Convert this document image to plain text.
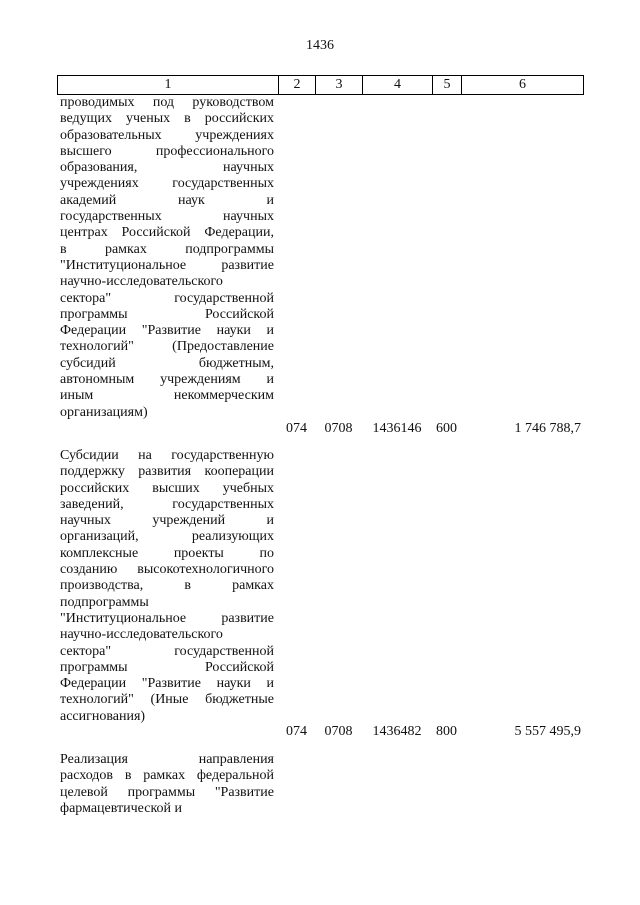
1436
1	2	3	4	5	6
проводимых под руководством
ведущих ученых в российских
образовательных учреждениях
высшего профессионального
образования, научных
учреждениях государственных
академий наук и
государственных научных
центрах Российской Федерации,
в рамках подпрограммы
"Институциональное развитие
научно-исследовательского
сектора" государственной
программы Российской
Федерации "Развитие науки и
технологий" (Предоставление
субсидий бюджетным,
автономным учреждениям и
иным некоммерческим
организациям)
074	0708	1436146	600	1 746 788,7
Субсидии на государственную
поддержку развития кооперации
российских высших учебных
заведений, государственных
научных учреждений и
организаций, реализующих
комплексные проекты по
созданию высокотехнологичного
производства, в рамках
подпрограммы
"Институциональное развитие
научно-исследовательского
сектора" государственной
программы Российской
Федерации "Развитие науки и
технологий" (Иные бюджетные
ассигнования)
074	0708	1436482	800	5 557 495,9
Реализация направления
расходов в рамках федеральной
целевой программы "Развитие
фармацевтической и
